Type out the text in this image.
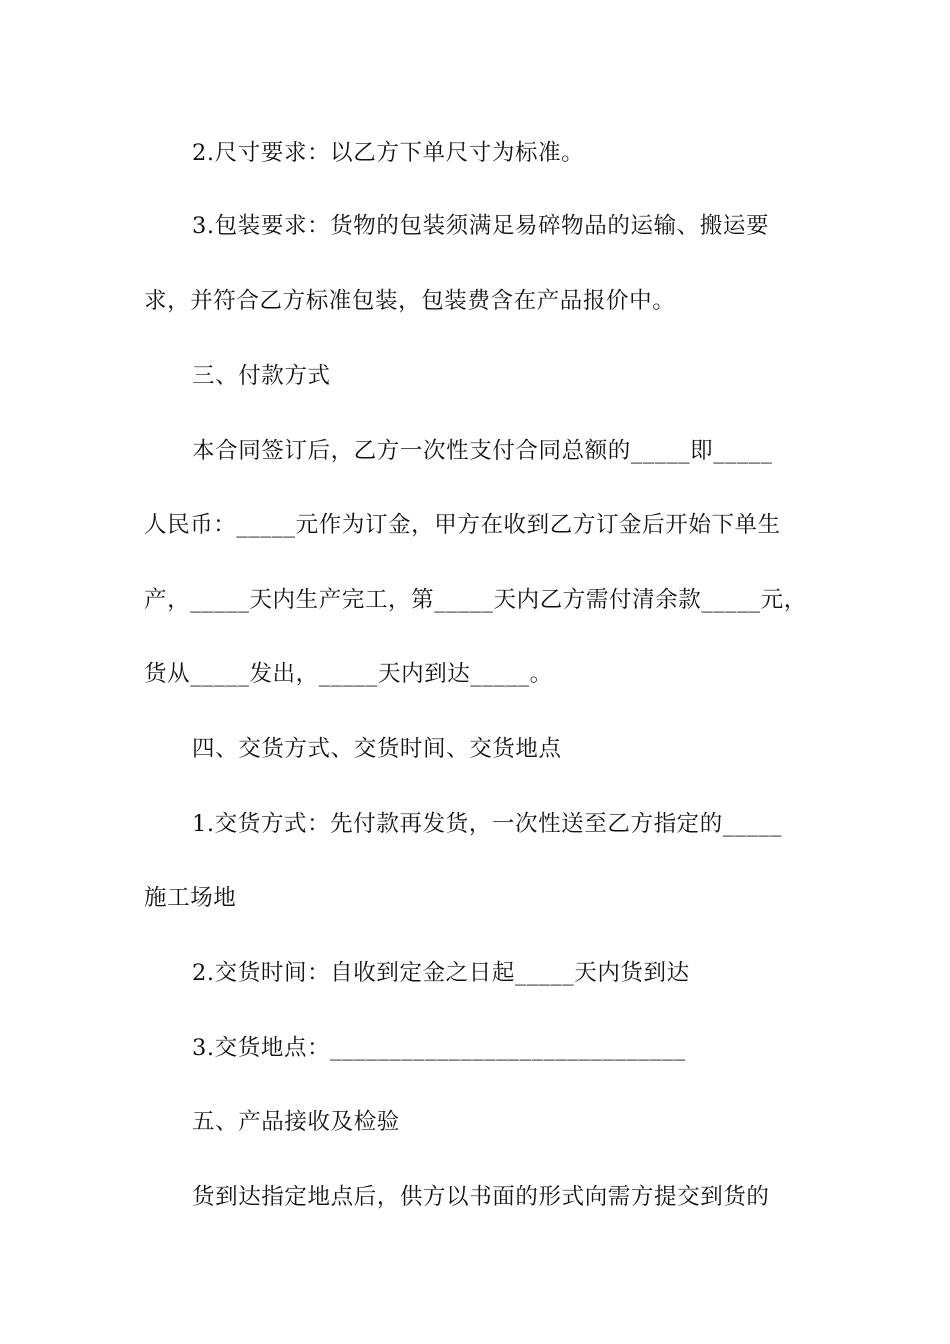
2.尺寸要求：以乙方下单尺寸为标准。
3.包装要求：货物的包装须满足易碎物品的运输、搬运要
求，并符合乙方标准包装，包装费含在产品报价中。
三、付款方式
本合同签订后，乙方一次性支付合同总额的_____即_____
人民币：_____元作为订金，甲方在收到乙方订金后开始下单生
产，_____天内生产完工，第_____天内乙方需付清余款_____元，
货从_____发出，_____天内到达_____。
四、交货方式、交货时间、交货地点
1.交货方式：先付款再发货，一次性送至乙方指定的_____
施工场地
2.交货时间：自收到定金之日起_____天内货到达
3.交货地点：______________________________
五、产品接收及检验
货到达指定地点后，供方以书面的形式向需方提交到货的
